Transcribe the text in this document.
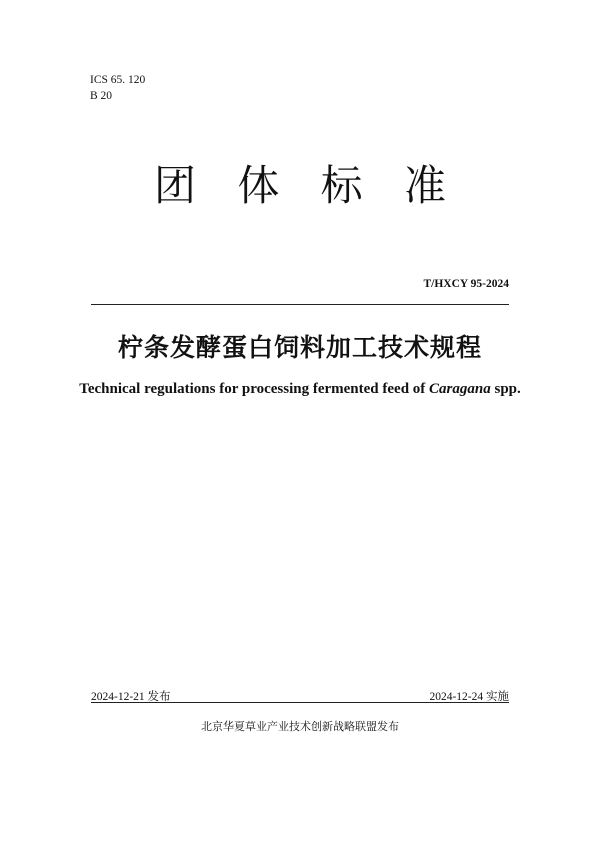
ICS 65. 120
B 20
团 体 标 准
T/HXCY 95-2024
柠条发酵蛋白饲料加工技术规程
Technical regulations for processing fermented feed of Caragana spp.
2024-12-21 发布	2024-12-24 实施
北京华夏草业产业技术创新战略联盟发布
